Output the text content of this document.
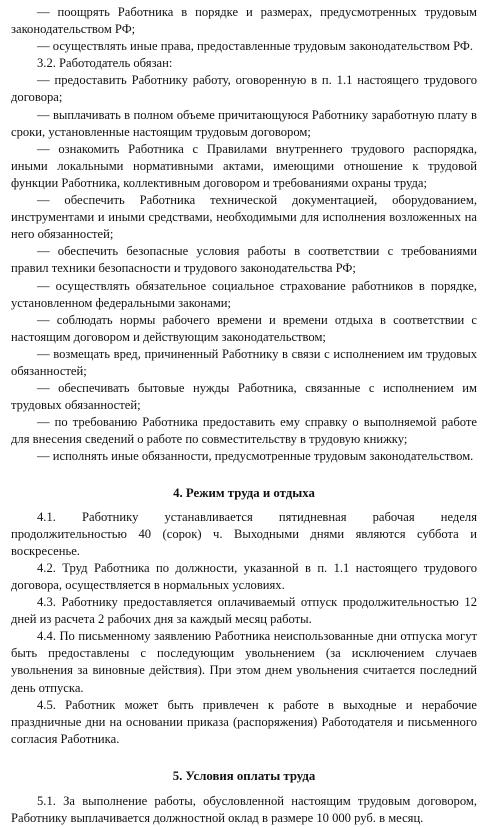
— поощрять Работника в порядке и размерах, предусмотренных трудовым законодательством РФ;

— осуществлять иные права, предоставленные трудовым законодательством РФ.

3.2. Работодатель обязан:

— предоставить Работнику работу, оговоренную в п. 1.1 настоящего трудового договора;

— выплачивать в полном объеме причитающуюся Работнику заработную плату в сроки, установленные настоящим трудовым договором;

— ознакомить Работника с Правилами внутреннего трудового распорядка, иными локальными нормативными актами, имеющими отношение к трудовой функции Работника, коллективным договором и требованиями охраны труда;

— обеспечить Работника технической документацией, оборудованием, инструментами и иными средствами, необходимыми для исполнения возложенных на него обязанностей;

— обеспечить безопасные условия работы в соответствии с требованиями правил техники безопасности и трудового законодательства РФ;

— осуществлять обязательное социальное страхование работников в порядке, установленном федеральными законами;

— соблюдать нормы рабочего времени и времени отдыха в соответствии с настоящим договором и действующим законодательством;

— возмещать вред, причиненный Работнику в связи с исполнением им трудовых обязанностей;

— обеспечивать бытовые нужды Работника, связанные с исполнением им трудовых обязанностей;

— по требованию Работника предоставить ему справку о выполняемой работе для внесения сведений о работе по совместительству в трудовую книжку;

— исполнять иные обязанности, предусмотренные трудовым законодательством.

4. Режим труда и отдыха

4.1. Работнику устанавливается пятидневная рабочая неделя продолжительностью 40 (сорок) ч. Выходными днями являются суббота и воскресенье.

4.2. Труд Работника по должности, указанной в п. 1.1 настоящего трудового договора, осуществляется в нормальных условиях.

4.3. Работнику предоставляется оплачиваемый отпуск продолжительностью 12 дней из расчета 2 рабочих дня за каждый месяц работы.

4.4. По письменному заявлению Работника неиспользованные дни отпуска могут быть предоставлены с последующим увольнением (за исключением случаев увольнения за виновные действия). При этом днем увольнения считается последний день отпуска.

4.5. Работник может быть привлечен к работе в выходные и нерабочие праздничные дни на основании приказа (распоряжения) Работодателя и письменного согласия Работника.

5. Условия оплаты труда

5.1. За выполнение работы, обусловленной настоящим трудовым договором, Работнику выплачивается должностной оклад в размере 10 000 руб. в месяц.
